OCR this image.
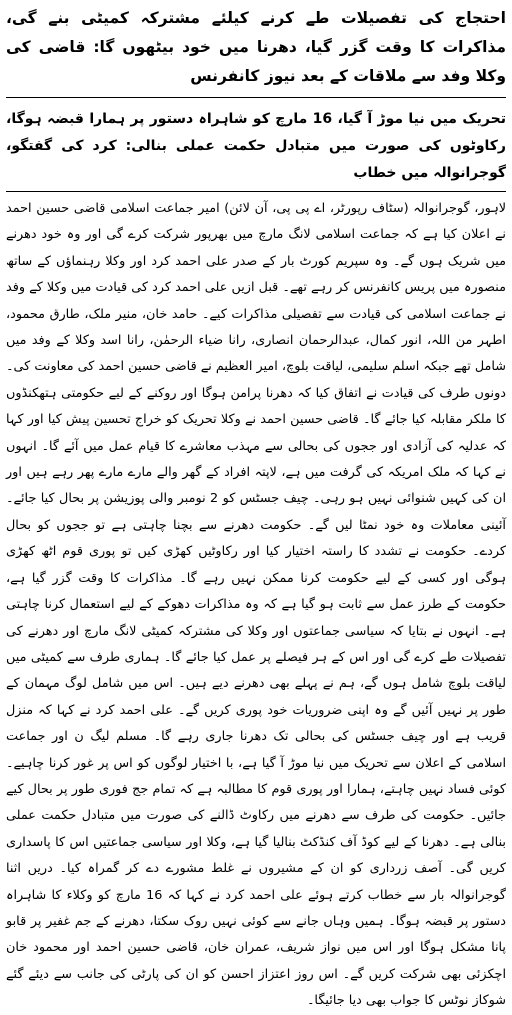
احتجاج کی تفصیلات طے کرنے کیلئے مشترکہ کمیٹی بنے گی، مذاکرات کا وقت گزر گیا، دھرنا میں خود بیٹھوں گا: قاضی کی وکلا وفد سے ملاقات کے بعد نیوز کانفرنس
تحریک میں نیا موڑ آ گیا، 16 مارچ کو شاہراہ دستور پر ہمارا قبضہ ہوگا، رکاوٹوں کی صورت میں متبادل حکمت عملی بنالی: کرد کی گفتگو، گوجرانوالہ میں خطاب

لاہور، گوجرانوالہ (سٹاف رپورٹر، اے پی پی، آن لائن) امیر جماعت اسلامی قاضی حسین احمد نے اعلان کیا ہے کہ جماعت اسلامی لانگ مارچ میں بھرپور شرکت کرے گی اور وہ خود دھرنے میں شریک ہوں گے۔ وہ سپریم کورٹ بار کے صدر علی احمد کرد اور وکلا رہنماؤں کے ساتھ منصورہ میں پریس کانفرنس کر رہے تھے۔ قبل ازیں علی احمد کرد کی قیادت میں وکلا کے وفد نے جماعت اسلامی کی قیادت سے تفصیلی مذاکرات کیے۔ حامد خان، منیر ملک، طارق محمود، اطہر من اللہ، انور کمال، عبدالرحمان انصاری، رانا ضیاء الرحمٰن، رانا اسد وکلا کے وفد میں شامل تھے جبکہ اسلم سلیمی، لیاقت بلوچ، امیر العظیم نے قاضی حسین احمد کی معاونت کی۔ دونوں طرف کی قیادت نے اتفاق کیا کہ دھرنا پرامن ہوگا اور روکنے کے لیے حکومتی ہتھکنڈوں کا ملکر مقابلہ کیا جائے گا۔ قاضی حسین احمد نے وکلا تحریک کو خراج تحسین پیش کیا اور کہا کہ عدلیہ کی آزادی اور ججوں کی بحالی سے مہذب معاشرے کا قیام عمل میں آئے گا۔ انہوں نے کہا کہ ملک امریکہ کی گرفت میں ہے، لاپتہ افراد کے گھر والے مارے مارے پھر رہے ہیں اور ان کی کہیں شنوائی نہیں ہو رہی۔ چیف جسٹس کو 2 نومبر والی پوزیشن پر بحال کیا جائے۔ آئینی معاملات وہ خود نمٹا لیں گے۔ حکومت دھرنے سے بچنا چاہتی ہے تو ججوں کو بحال کردے۔ حکومت نے تشدد کا راستہ اختیار کیا اور رکاوٹیں کھڑی کیں تو پوری قوم اٹھ کھڑی ہوگی اور کسی کے لیے حکومت کرنا ممکن نہیں رہے گا۔ مذاکرات کا وقت گزر گیا ہے، حکومت کے طرز عمل سے ثابت ہو گیا ہے کہ وہ مذاکرات دھوکے کے لیے استعمال کرنا چاہتی ہے۔ انہوں نے بتایا کہ سیاسی جماعتوں اور وکلا کی مشترکہ کمیٹی لانگ مارچ اور دھرنے کی تفصیلات طے کرے گی اور اس کے ہر فیصلے پر عمل کیا جائے گا۔ ہماری طرف سے کمیٹی میں لیاقت بلوچ شامل ہوں گے، ہم نے پہلے بھی دھرنے دیے ہیں۔ اس میں شامل لوگ مہمان کے طور پر نہیں آئیں گے وہ اپنی ضروریات خود پوری کریں گے۔ علی احمد کرد نے کہا کہ منزل قریب ہے اور چیف جسٹس کی بحالی تک دھرنا جاری رہے گا۔ مسلم لیگ ن اور جماعت اسلامی کے اعلان سے تحریک میں نیا موڑ آ گیا ہے، با اختیار لوگوں کو اس پر غور کرنا چاہیے۔ کوئی فساد نہیں چاہتے، ہمارا اور پوری قوم کا مطالبہ ہے کہ تمام جج فوری طور پر بحال کیے جائیں۔ حکومت کی طرف سے دھرنے میں رکاوٹ ڈالنے کی صورت میں متبادل حکمت عملی بنالی ہے۔ دھرنا کے لیے کوڈ آف کنڈکٹ بنالیا گیا ہے، وکلا اور سیاسی جماعتیں اس کا پاسداری کریں گی۔ آصف زرداری کو ان کے مشیروں نے غلط مشورے دے کر گمراہ کیا۔ دریں اثنا گوجرانوالہ بار سے خطاب کرتے ہوئے علی احمد کرد نے کہا کہ 16 مارچ کو وکلاء کا شاہراہ دستور پر قبضہ ہوگا۔ ہمیں وہاں جانے سے کوئی نہیں روک سکتا، دھرنے کے جم غفیر پر قابو پانا مشکل ہوگا اور اس میں نواز شریف، عمران خان، قاضی حسین احمد اور محمود خان اچکزئی بھی شرکت کریں گے۔ اس روز اعتزاز احسن کو ان کی پارٹی کی جانب سے دیئے گئے شوکاز نوٹس کا جواب بھی دیا جائیگا۔
